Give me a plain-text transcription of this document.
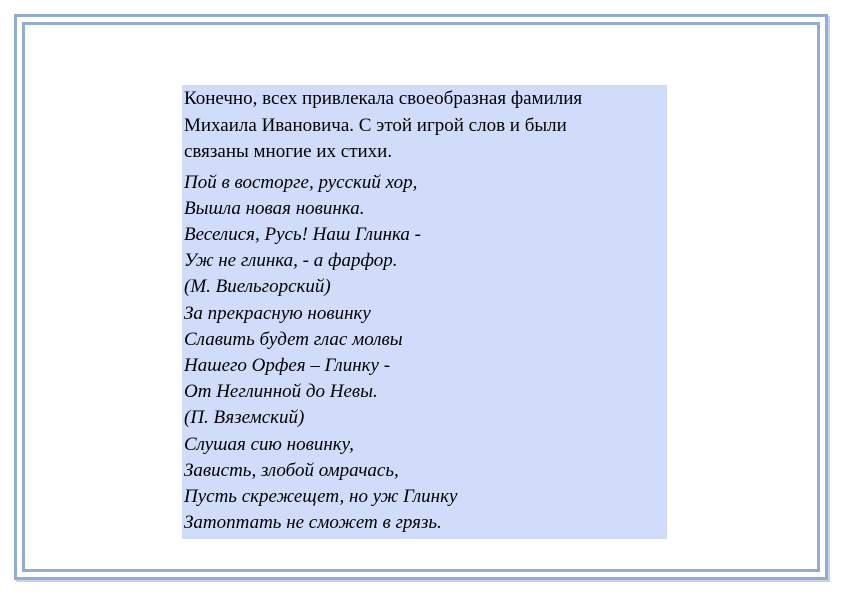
Конечно, всех привлекала своеобразная фамилия
Михаила Ивановича. С этой игрой слов и были
связаны многие их стихи.

Пой в восторге, русский хор,
Вышла новая новинка.
Веселися, Русь! Наш Глинка -
Уж не глинка, - а фарфор.
(М. Виельгорский)
За прекрасную новинку
Славить будет глас молвы
Нашего Орфея – Глинку -
От Неглинной до Невы.
(П. Вяземский)
Слушая сию новинку,
Зависть, злобой омрачась,
Пусть скрежещет, но уж Глинку
Затоптать не сможет в грязь.
